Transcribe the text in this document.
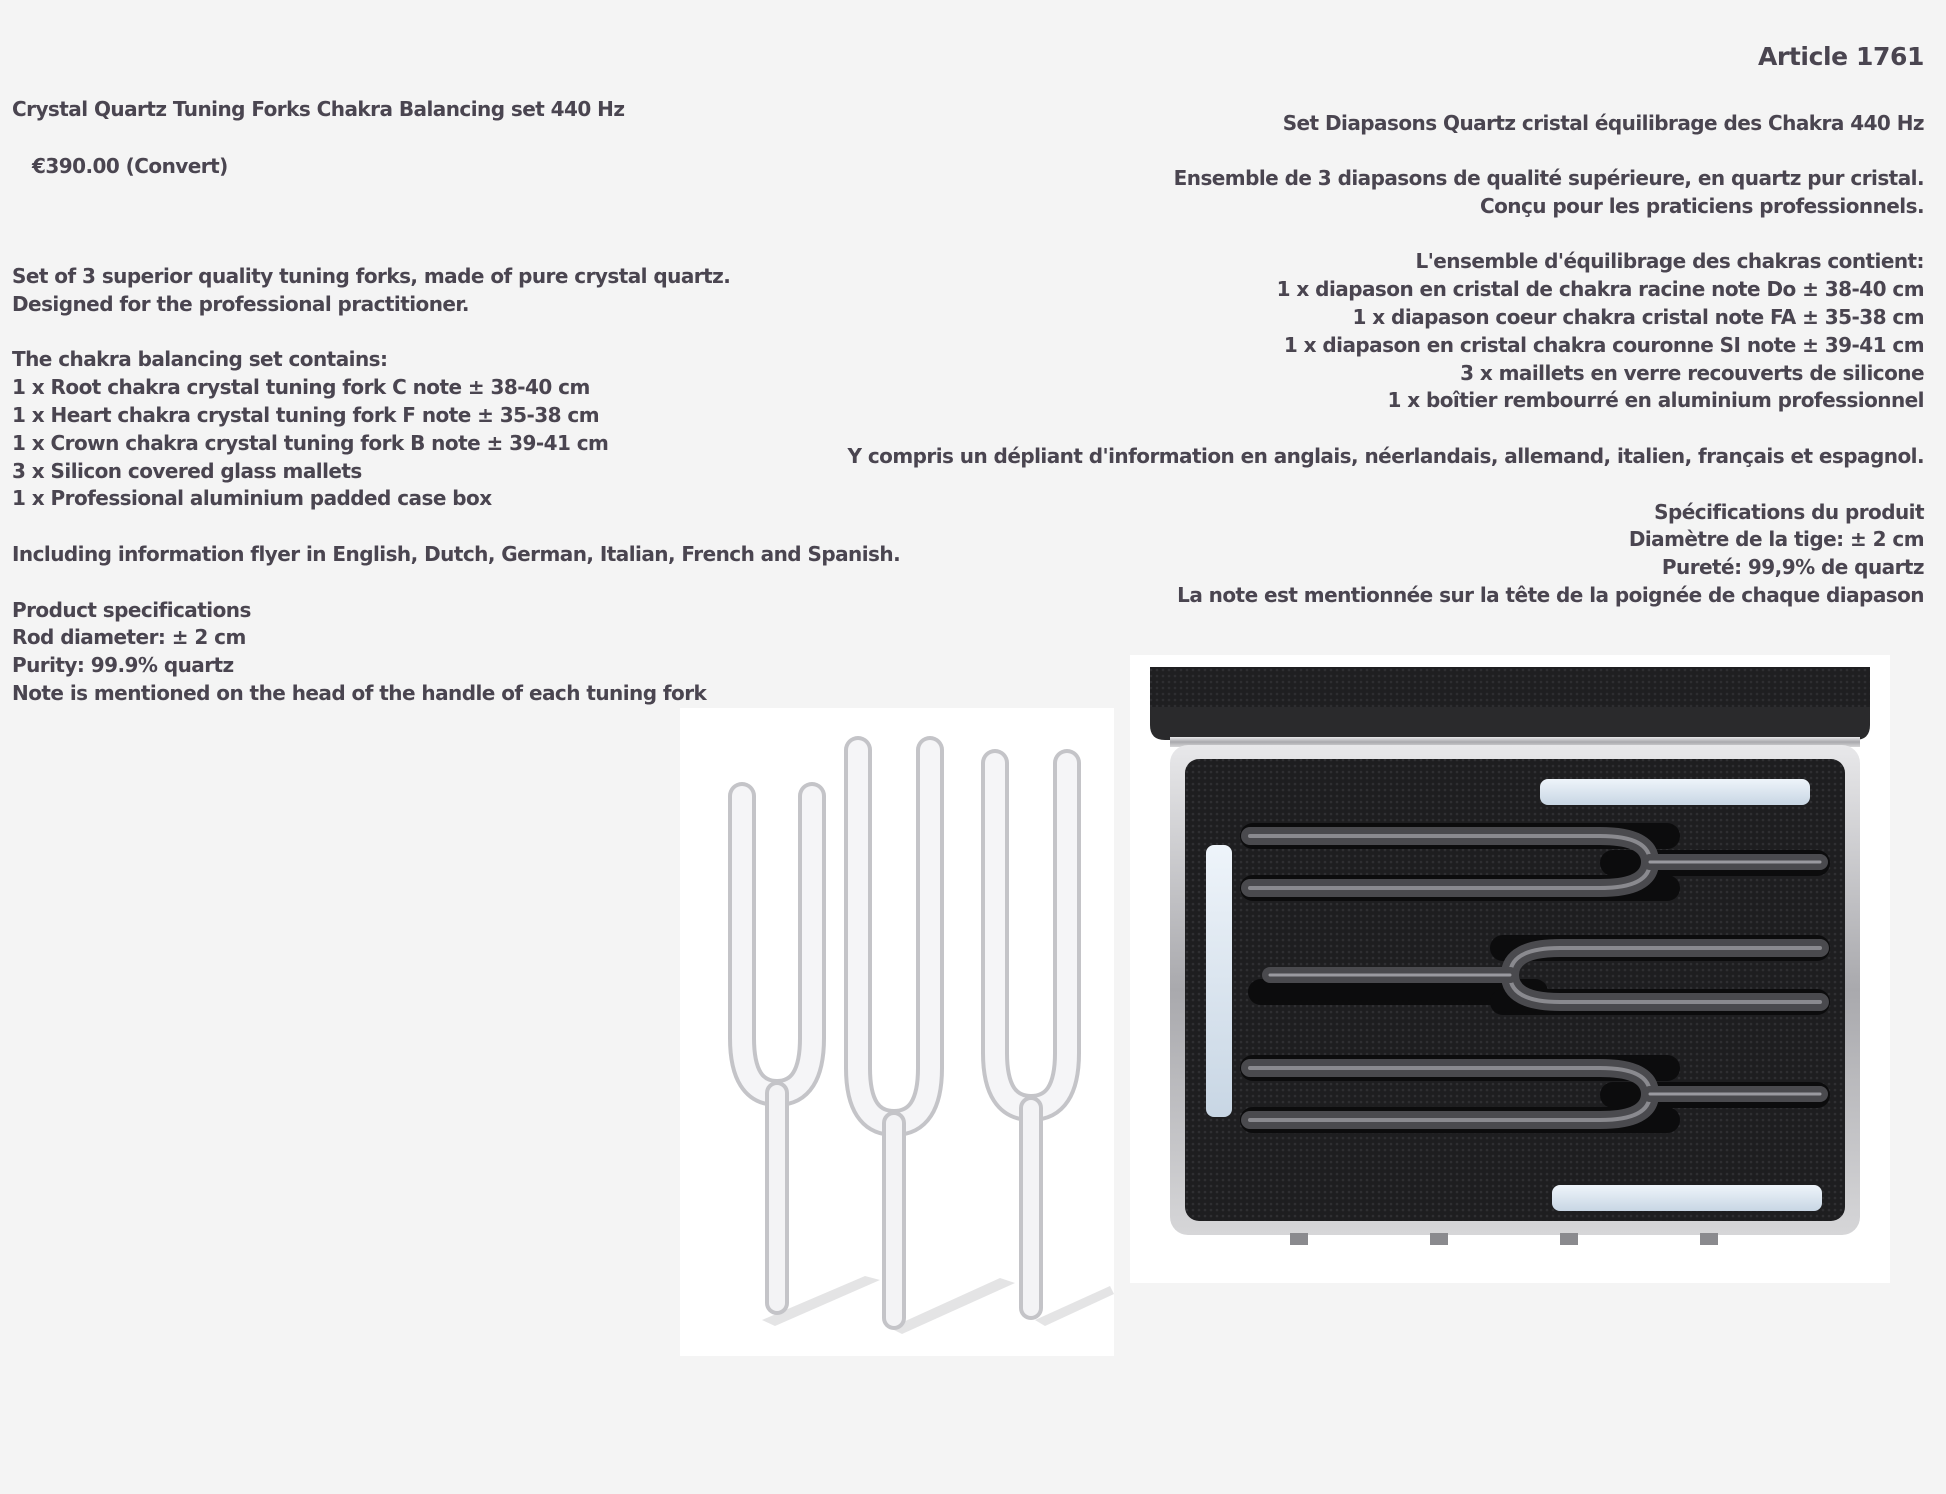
Article 1761
Crystal Quartz Tuning Forks Chakra Balancing set 440 Hz
€390.00 (Convert)
Set of 3 superior quality tuning forks, made of pure crystal quartz.
Designed for the professional practitioner.
The chakra balancing set contains:
1 x Root chakra crystal tuning fork C note ± 38-40 cm
1 x Heart chakra crystal tuning fork F note ± 35-38 cm
1 x Crown chakra crystal tuning fork B note ± 39-41 cm
3 x Silicon covered glass mallets
1 x Professional aluminium padded case box
Including information flyer in English, Dutch, German, Italian, French and Spanish.
Product specifications
Rod diameter: ± 2 cm
Purity: 99.9% quartz
Note is mentioned on the head of the handle of each tuning fork
Set Diapasons Quartz cristal équilibrage des Chakra 440 Hz
Ensemble de 3 diapasons de qualité supérieure, en quartz pur cristal.
Conçu pour les praticiens professionnels.
L'ensemble d'équilibrage des chakras contient:
1 x diapason en cristal de chakra racine note Do ± 38-40 cm
1 x diapason coeur chakra cristal note FA ± 35-38 cm
1 x diapason en cristal chakra couronne SI note ± 39-41 cm
3 x maillets en verre recouverts de silicone
1 x boîtier rembourré en aluminium professionnel
Y compris un dépliant d'information en anglais, néerlandais, allemand, italien, français et espagnol.
Spécifications du produit
Diamètre de la tige: ± 2 cm
Pureté: 99,9% de quartz
La note est mentionnée sur la tête de la poignée de chaque diapason
